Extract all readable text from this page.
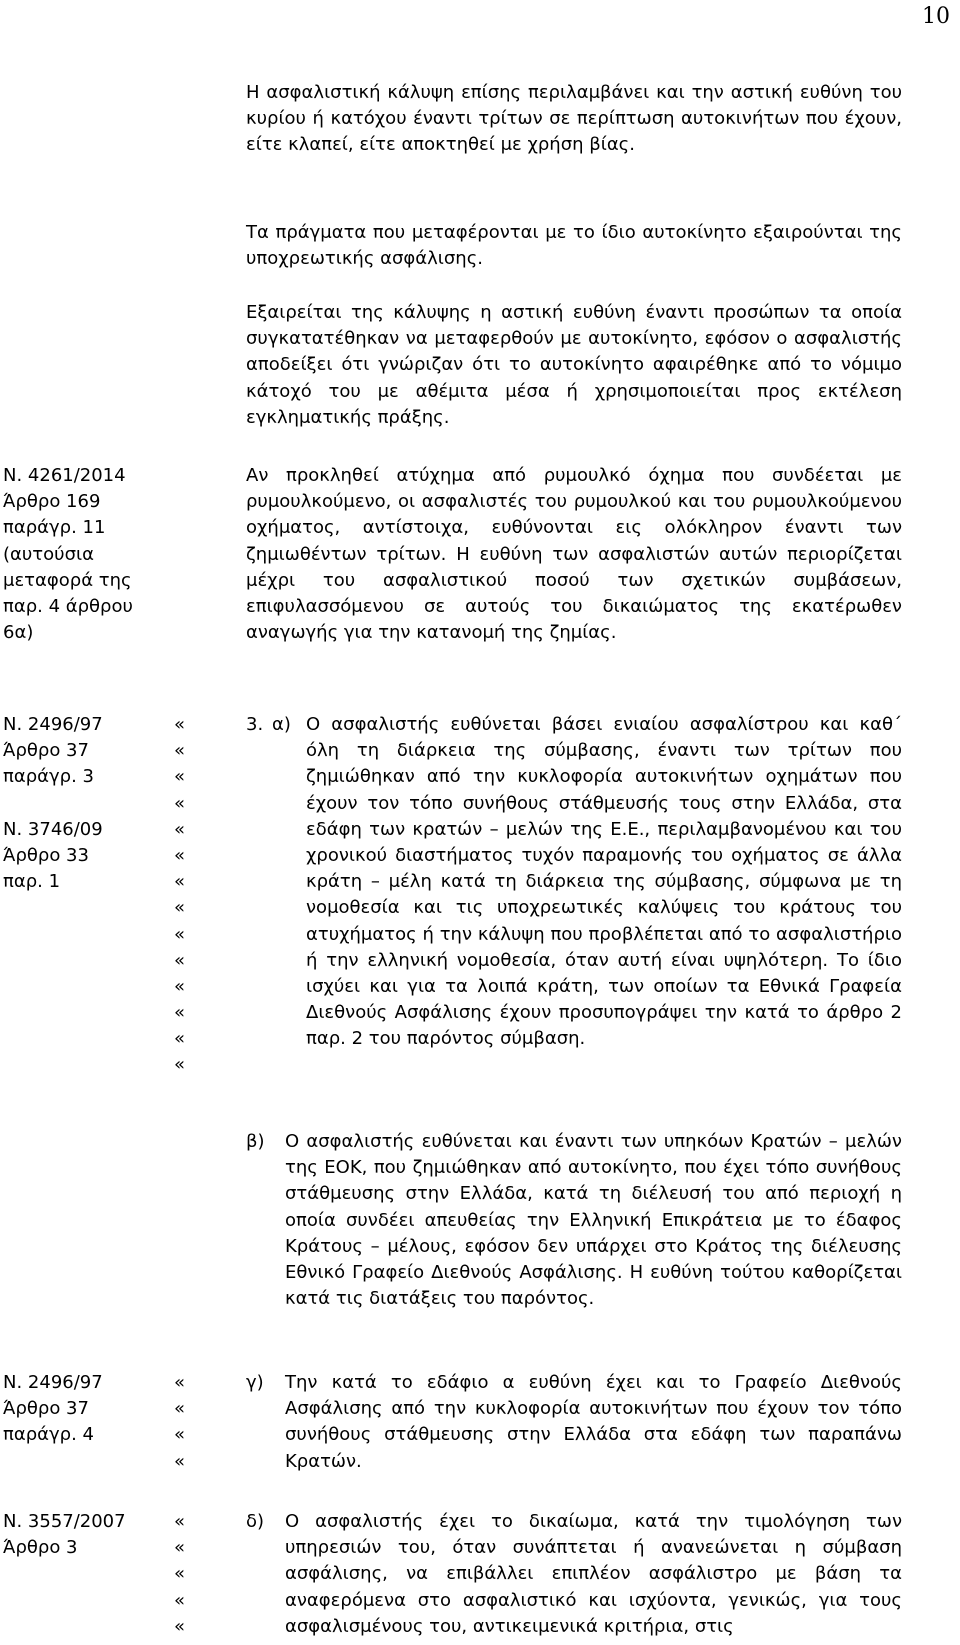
10
Η ασφαλιστική κάλυψη επίσης περιλαμβάνει και την αστική ευθύνη του κυρίου ή κατόχου έναντι τρίτων σε περίπτωση αυτοκινήτων που έχουν, είτε κλαπεί, είτε αποκτηθεί με χρήση βίας.
Τα πράγματα που μεταφέρονται με το ίδιο αυτοκίνητο εξαιρούνται της υποχρεωτικής ασφάλισης.
Εξαιρείται της κάλυψης η αστική ευθύνη έναντι προσώπων τα οποία συγκατατέθηκαν να μεταφερθούν με αυτοκίνητο, εφόσον ο ασφαλιστής αποδείξει ότι γνώριζαν ότι το αυτοκίνητο αφαιρέθηκε από το νόμιμο κάτοχό του με αθέμιτα μέσα ή χρησιμοποιείται προς εκτέλεση εγκληματικής πράξης.
Ν. 4261/2014
Άρθρο 169
παράγρ. 11
(αυτούσια
μεταφορά της
παρ. 4 άρθρου
6α)
Αν προκληθεί ατύχημα από ρυμουλκό όχημα που συνδέεται με ρυμουλκούμενο, οι ασφαλιστές του ρυμουλκού και του ρυμουλκούμενου οχήματος, αντίστοιχα, ευθύνονται εις ολόκληρον έναντι των ζημιωθέντων τρίτων. Η ευθύνη των ασφαλιστών αυτών περιορίζεται μέχρι του ασφαλιστικού ποσού των σχετικών συμβάσεων, επιφυλασσόμενου σε αυτούς του δικαιώματος της εκατέρωθεν αναγωγής για την κατανομή της ζημίας.
Ν. 2496/97
Άρθρο 37
παράγρ. 3
Ν. 3746/09
Άρθρο 33
παρ. 1
«
«
«
«
«
«
«
«
«
«
«
«
«
«
3. α) Ο ασφαλιστής ευθύνεται βάσει ενιαίου ασφαλίστρου και καθ΄ όλη τη διάρκεια της σύμβασης, έναντι των τρίτων που ζημιώθηκαν από την κυκλοφορία αυτοκινήτων οχημάτων που έχουν τον τόπο συνήθους στάθμευσής τους στην Ελλάδα, στα εδάφη των κρατών – μελών της Ε.Ε., περιλαμβανομένου και του χρονικού διαστήματος τυχόν παραμονής του οχήματος σε άλλα κράτη – μέλη κατά τη διάρκεια της σύμβασης, σύμφωνα με τη νομοθεσία και τις υποχρεωτικές καλύψεις του κράτους του ατυχήματος ή την κάλυψη που προβλέπεται από το ασφαλιστήριο ή την ελληνική νομοθεσία, όταν αυτή είναι υψηλότερη. Το ίδιο ισχύει και για τα λοιπά κράτη, των οποίων τα Εθνικά Γραφεία Διεθνούς Ασφάλισης έχουν προσυπογράψει την κατά το άρθρο 2 παρ. 2 του παρόντος σύμβαση.
β) Ο ασφαλιστής ευθύνεται και έναντι των υπηκόων Κρατών – μελών της ΕΟΚ, που ζημιώθηκαν από αυτοκίνητο, που έχει τόπο συνήθους στάθμευσης στην Ελλάδα, κατά τη διέλευσή του από περιοχή η οποία συνδέει απευθείας την Ελληνική Επικράτεια με το έδαφος Κράτους – μέλους, εφόσον δεν υπάρχει στο Κράτος της διέλευσης Εθνικό Γραφείο Διεθνούς Ασφάλισης. Η ευθύνη τούτου καθορίζεται κατά τις διατάξεις του παρόντος.
Ν. 2496/97
Άρθρο 37
παράγρ. 4
«
«
«
«
γ) Την κατά το εδάφιο α ευθύνη έχει και το Γραφείο Διεθνούς Ασφάλισης από την κυκλοφορία αυτοκινήτων που έχουν τον τόπο συνήθους στάθμευσης στην Ελλάδα στα εδάφη των παραπάνω Κρατών.
Ν. 3557/2007
Άρθρο 3
«
«
«
«
«
δ) Ο ασφαλιστής έχει το δικαίωμα, κατά την τιμολόγηση των υπηρεσιών του, όταν συνάπτεται ή ανανεώνεται η σύμβαση ασφάλισης, να επιβάλλει επιπλέον ασφάλιστρο με βάση τα αναφερόμενα στο ασφαλιστικό και ισχύοντα, γενικώς, για τους ασφαλισμένους του, αντικειμενικά κριτήρια, στις
